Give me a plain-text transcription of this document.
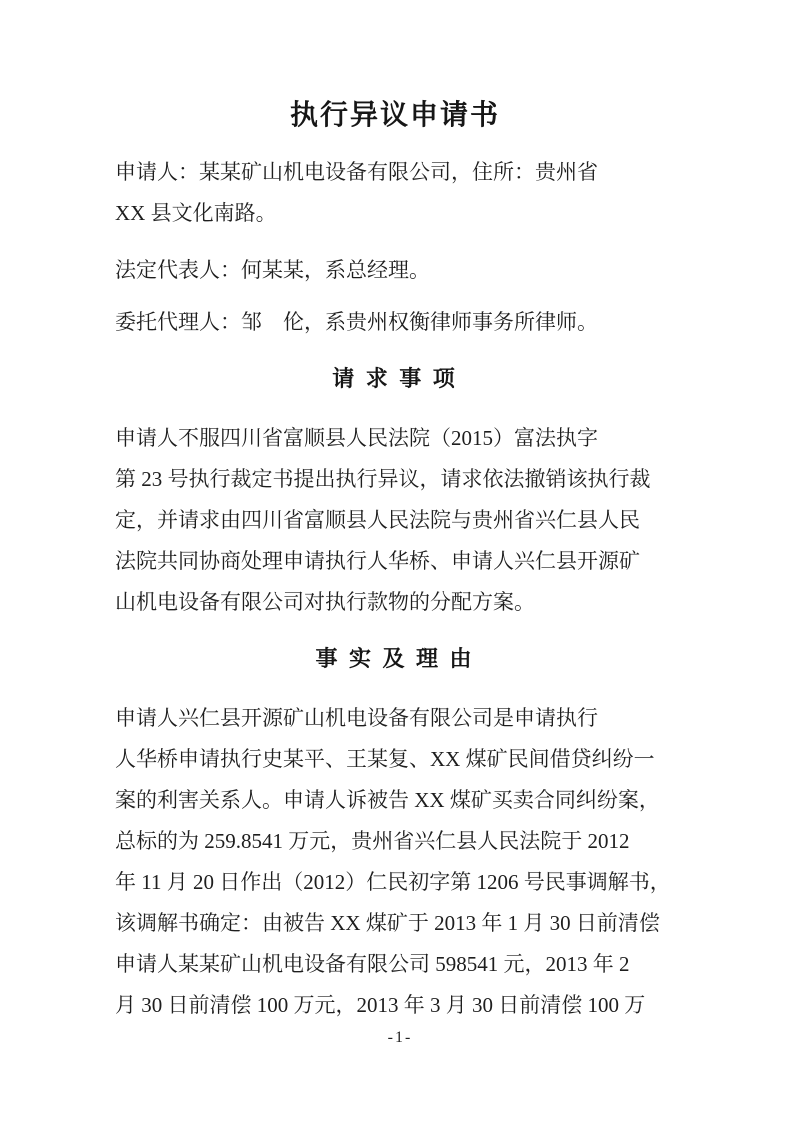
执行异议申请书

申请人：某某矿山机电设备有限公司，住所：贵州省
XX 县文化南路。

法定代表人：何某某，系总经理。

委托代理人：邹　伦，系贵州权衡律师事务所律师。

请 求 事 项

申请人不服四川省富顺县人民法院（2015）富法执字
第 23 号执行裁定书提出执行异议，请求依法撤销该执行裁
定，并请求由四川省富顺县人民法院与贵州省兴仁县人民
法院共同协商处理申请执行人华桥、申请人兴仁县开源矿
山机电设备有限公司对执行款物的分配方案。

事 实 及 理 由

申请人兴仁县开源矿山机电设备有限公司是申请执行
人华桥申请执行史某平、王某复、XX 煤矿民间借贷纠纷一
案的利害关系人。申请人诉被告 XX 煤矿买卖合同纠纷案，
总标的为 259.8541 万元，贵州省兴仁县人民法院于 2012
年 11 月 20 日作出（2012）仁民初字第 1206 号民事调解书，
该调解书确定：由被告 XX 煤矿于 2013 年 1 月 30 日前清偿
申请人某某矿山机电设备有限公司 598541 元，2013 年 2
月 30 日前清偿 100 万元，2013 年 3 月 30 日前清偿 100 万

-1-
